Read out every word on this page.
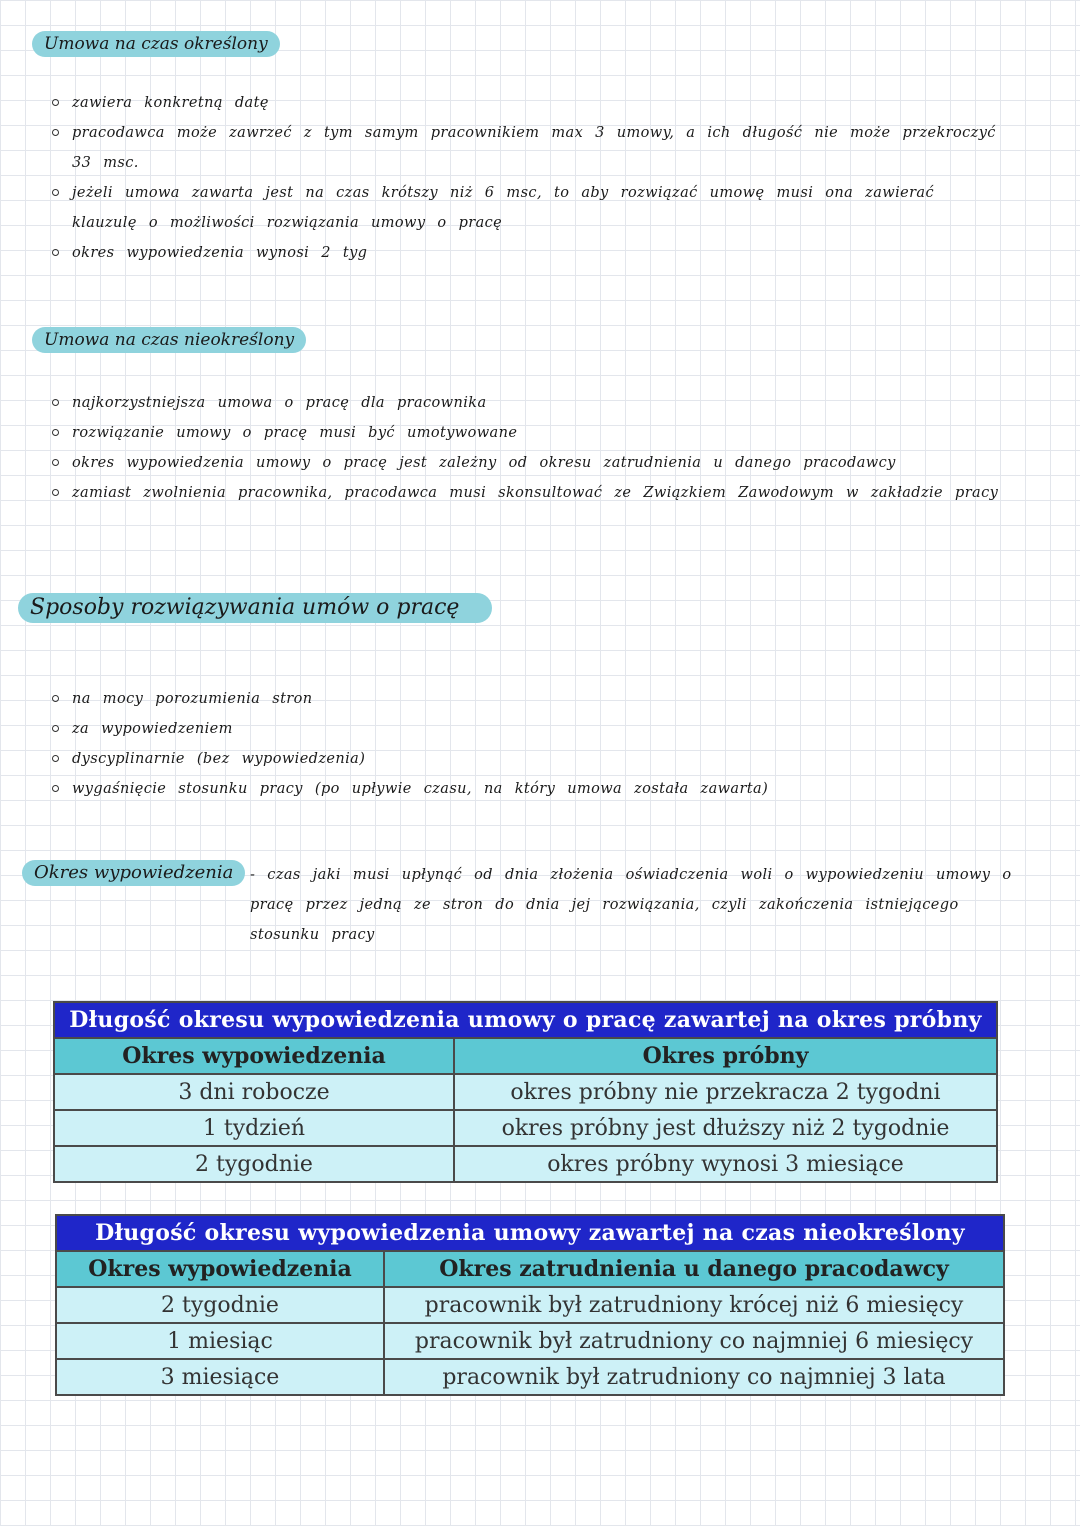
Umowa na czas określony
zawiera konkretną datę
pracodawca może zawrzeć z tym samym pracownikiem max 3 umowy, a ich długość nie może przekroczyć 33 msc.
jeżeli umowa zawarta jest na czas krótszy niż 6 msc, to aby rozwiązać umowę musi ona zawierać klauzulę o możliwości rozwiązania umowy o pracę
okres wypowiedzenia wynosi 2 tyg
Umowa na czas nieokreślony
najkorzystniejsza umowa o pracę dla pracownika
rozwiązanie umowy o pracę musi być umotywowane
okres wypowiedzenia umowy o pracę jest zależny od okresu zatrudnienia u danego pracodawcy
zamiast zwolnienia pracownika, pracodawca musi skonsultować ze Związkiem Zawodowym w zakładzie pracy
Sposoby rozwiązywania umów o pracę
na mocy porozumienia stron
za wypowiedzeniem
dyscyplinarnie (bez wypowiedzenia)
wygaśnięcie stosunku pracy (po upływie czasu, na który umowa została zawarta)
Okres wypowiedzenia	- czas jaki musi upłynąć od dnia złożenia oświadczenia woli o wypowiedzeniu umowy o pracę przez jedną ze stron do dnia jej rozwiązania, czyli zakończenia istniejącego stosunku pracy
Długość okresu wypowiedzenia umowy o pracę zawartej na okres próbny	
Okres wypowiedzenia	Okres próbny
3 dni robocze	okres próbny nie przekracza 2 tygodni
1 tydzień	okres próbny jest dłuższy niż 2 tygodnie
2 tygodnie	okres próbny wynosi 3 miesiące
Długość okresu wypowiedzenia umowy zawartej na czas nieokreślony	
Okres wypowiedzenia	Okres zatrudnienia u danego pracodawcy
2 tygodnie	pracownik był zatrudniony krócej niż 6 miesięcy
1 miesiąc	pracownik był zatrudniony co najmniej 6 miesięcy
3 miesiące	pracownik był zatrudniony co najmniej 3 lata
